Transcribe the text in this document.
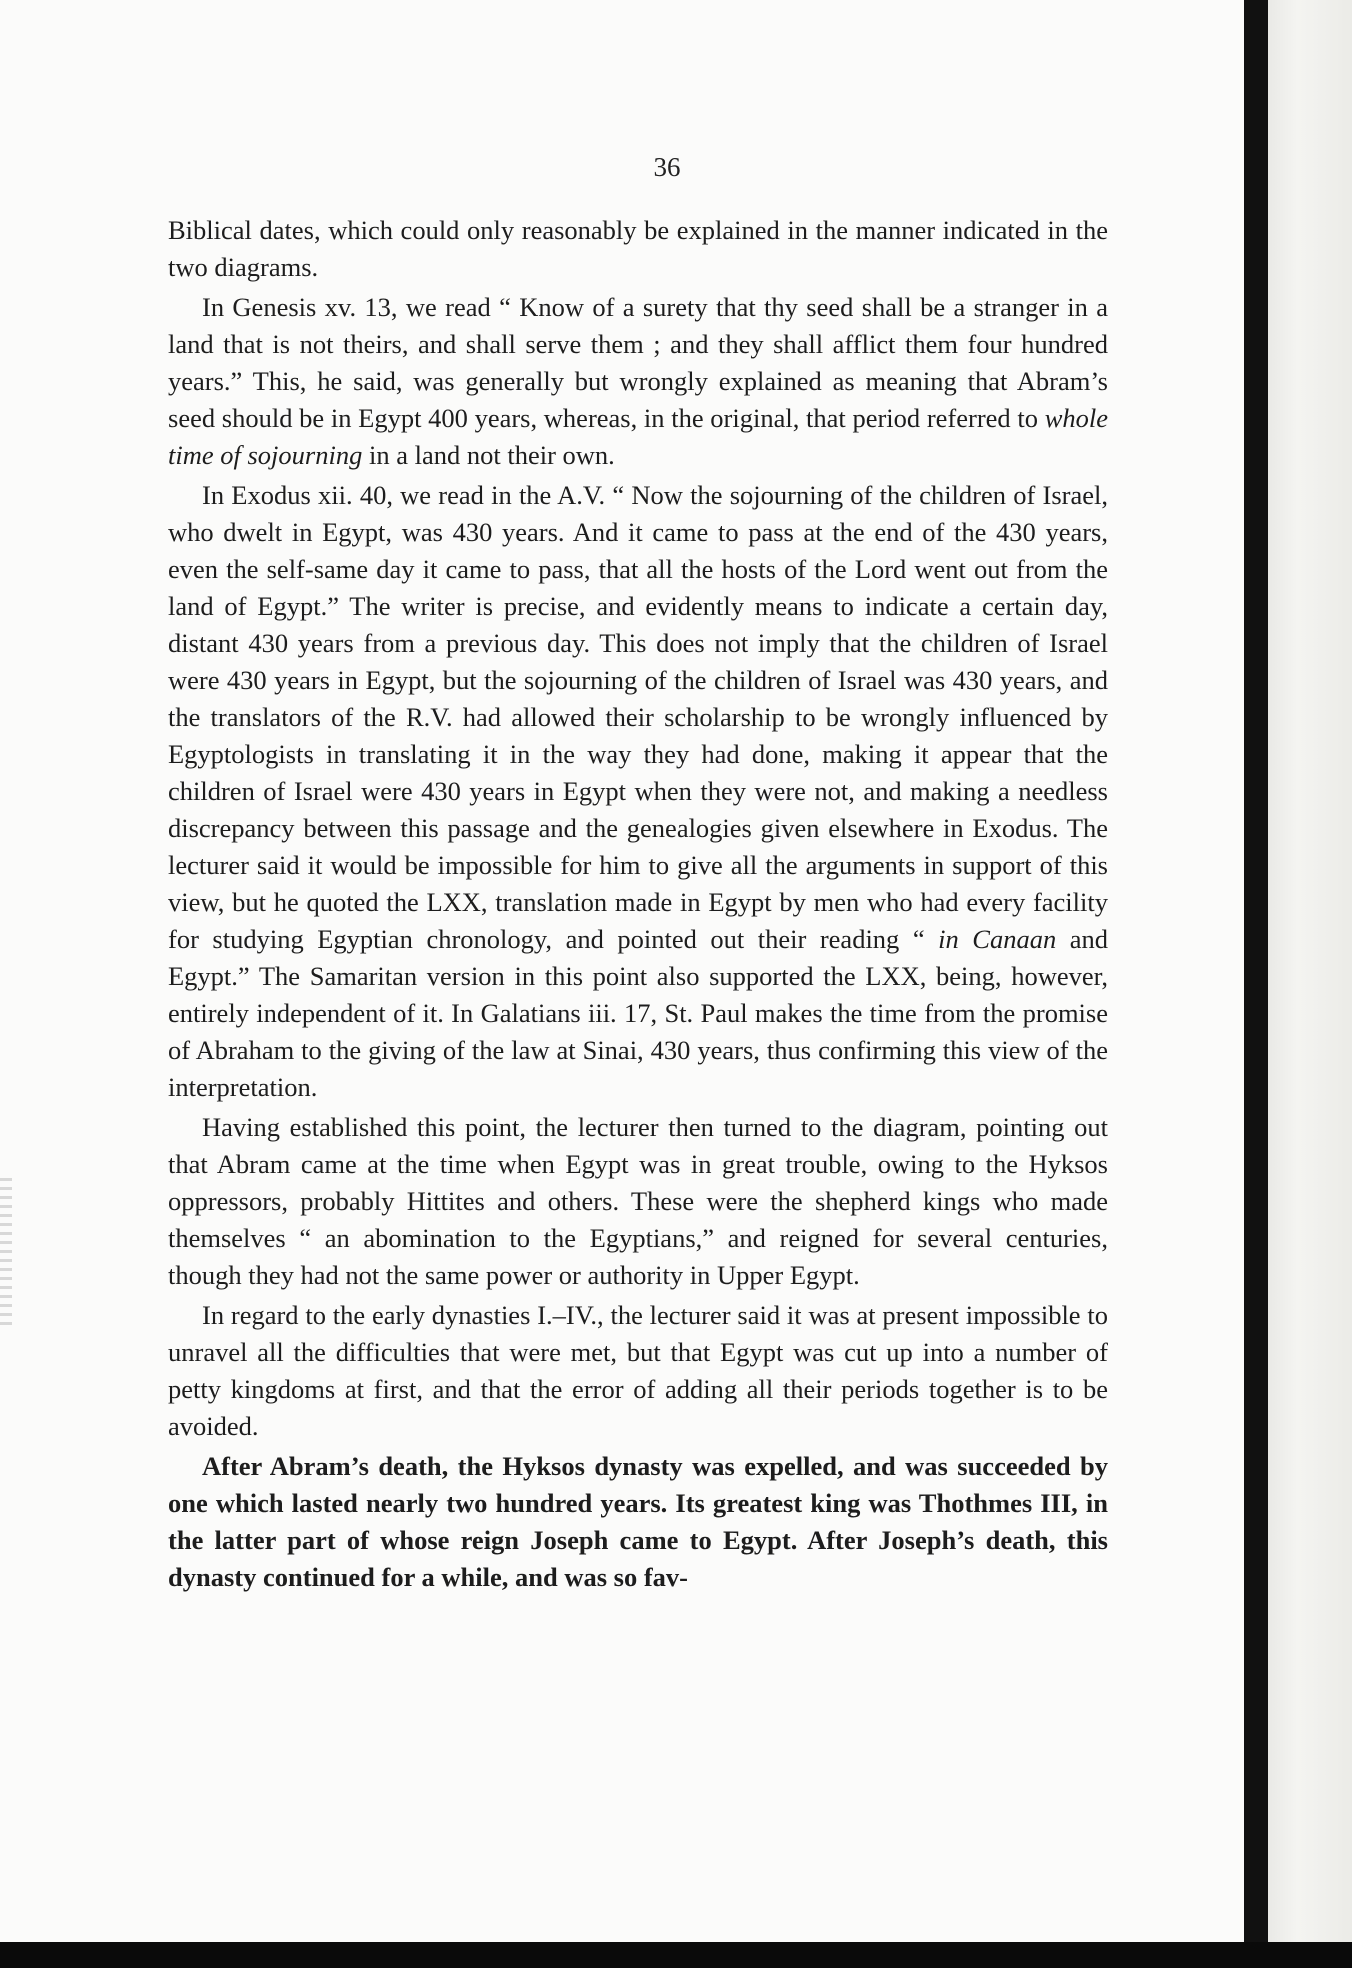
36

Biblical dates, which could only reasonably be explained in the manner indicated in the two diagrams.

In Genesis xv. 13, we read “ Know of a surety that thy seed shall be a stranger in a land that is not theirs, and shall serve them ; and they shall afflict them four hundred years.” This, he said, was generally but wrongly explained as meaning that Abram’s seed should be in Egypt 400 years, whereas, in the original, that period referred to whole time of sojourning in a land not their own.

In Exodus xii. 40, we read in the A.V. “ Now the sojourning of the children of Israel, who dwelt in Egypt, was 430 years. And it came to pass at the end of the 430 years, even the self-same day it came to pass, that all the hosts of the Lord went out from the land of Egypt.” The writer is precise, and evidently means to indicate a certain day, distant 430 years from a previous day. This does not imply that the children of Israel were 430 years in Egypt, but the sojourning of the children of Israel was 430 years, and the translators of the R.V. had allowed their scholarship to be wrongly influenced by Egyptologists in translating it in the way they had done, making it appear that the children of Israel were 430 years in Egypt when they were not, and making a needless discrepancy between this passage and the genealogies given elsewhere in Exodus. The lecturer said it would be impossible for him to give all the arguments in support of this view, but he quoted the LXX, translation made in Egypt by men who had every facility for studying Egyptian chronology, and pointed out their reading “ in Canaan and Egypt.” The Samaritan version in this point also supported the LXX, being, however, entirely independent of it. In Galatians iii. 17, St. Paul makes the time from the promise of Abraham to the giving of the law at Sinai, 430 years, thus confirming this view of the interpretation.

Having established this point, the lecturer then turned to the diagram, pointing out that Abram came at the time when Egypt was in great trouble, owing to the Hyksos oppressors, probably Hittites and others. These were the shepherd kings who made themselves “ an abomination to the Egyptians,” and reigned for several centuries, though they had not the same power or authority in Upper Egypt.

In regard to the early dynasties I.–IV., the lecturer said it was at present impossible to unravel all the difficulties that were met, but that Egypt was cut up into a number of petty kingdoms at first, and that the error of adding all their periods together is to be avoided.

After Abram’s death, the Hyksos dynasty was expelled, and was succeeded by one which lasted nearly two hundred years. Its greatest king was Thothmes III, in the latter part of whose reign Joseph came to Egypt. After Joseph’s death, this dynasty continued for a while, and was so fav-
